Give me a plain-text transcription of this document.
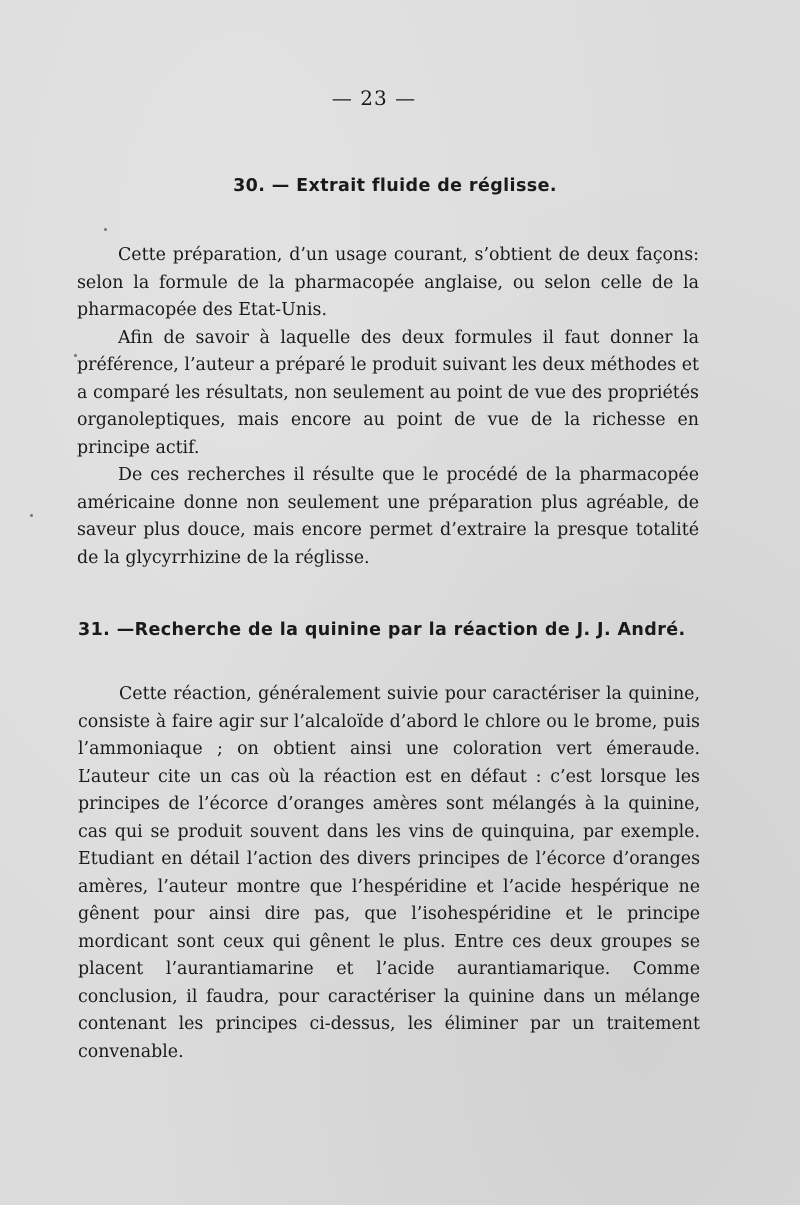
— 23 —
30. — Extrait fluide de réglisse.

Cette préparation, d’un usage courant, s’obtient de deux façons: selon la formule de la pharmacopée anglaise, ou selon celle de la pharmacopée des Etat-Unis.

Afin de savoir à laquelle des deux formules il faut donner la préférence, l’auteur a préparé le produit suivant les deux méthodes et a comparé les résultats, non seulement au point de vue des propriétés organoleptiques, mais encore au point de vue de la richesse en principe actif.

De ces recherches il résulte que le procédé de la pharmacopée américaine donne non seulement une préparation plus agréable, de saveur plus douce, mais encore permet d’extraire la presque totalité de la glycyrrhizine de la réglisse.

31. —Recherche de la quinine par la réaction de J. J. André.

Cette réaction, généralement suivie pour caractériser la quinine, consiste à faire agir sur l’alcaloïde d’abord le chlore ou le brome, puis l’ammoniaque ; on obtient ainsi une coloration vert émeraude. L’auteur cite un cas où la réaction est en défaut : c’est lorsque les principes de l’écorce d’oranges amères sont mélangés à la quinine, cas qui se produit souvent dans les vins de quinquina, par exemple. Etudiant en détail l’action des divers principes de l’écorce d’oranges amères, l’auteur montre que l’hespéridine et l’acide hespérique ne gênent pour ainsi dire pas, que l’isohespéridine et le principe mordicant sont ceux qui gênent le plus. Entre ces deux groupes se placent l’aurantiamarine et l’acide aurantiamarique. Comme conclusion, il faudra, pour caractériser la quinine dans un mélange contenant les principes ci-dessus, les éliminer par un traitement convenable.
